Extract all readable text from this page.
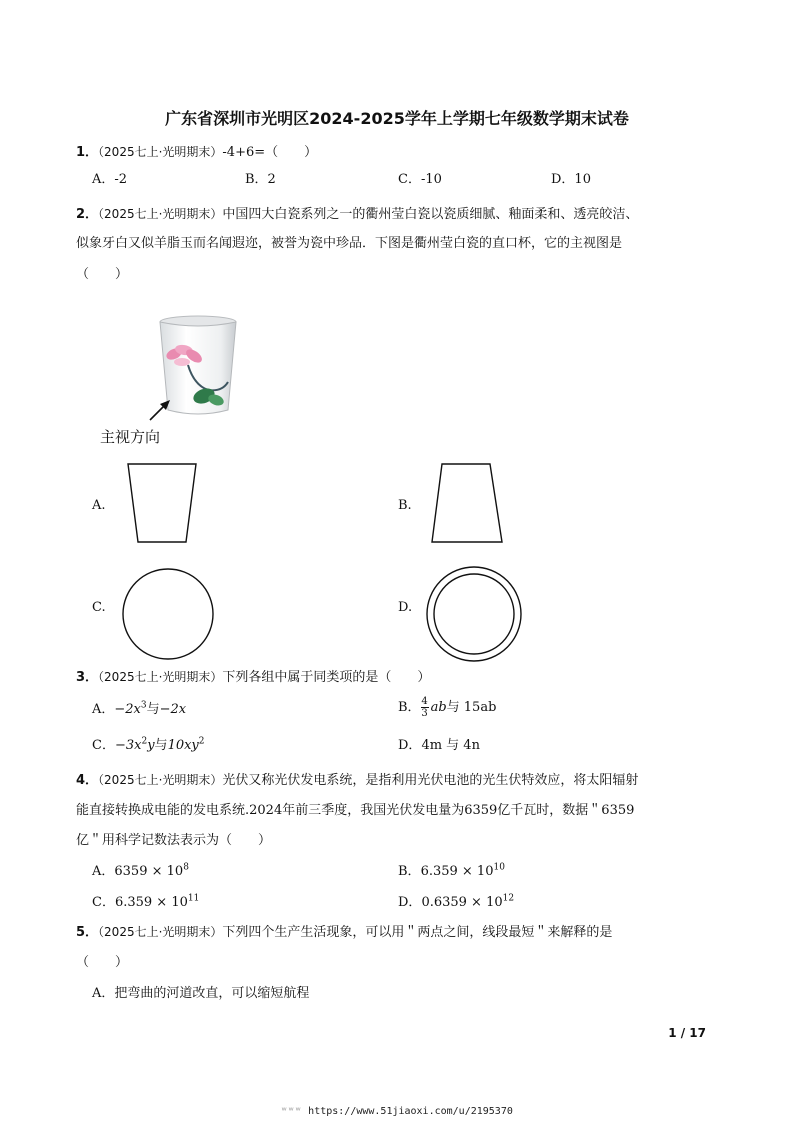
广东省深圳市光明区2024-2025学年上学期七年级数学期末试卷
1．（2025七上·光明期末）-4+6=（　　）
A．-2	B．2	C．-10	D．10
2．（2025七上·光明期末）中国四大白瓷系列之一的衢州莹白瓷以瓷质细腻、釉面柔和、透亮皎洁、
似象牙白又似羊脂玉而名闻遐迩，被誉为瓷中珍品．下图是衢州莹白瓷的直口杯，它的主视图是
（　　）
主视方向
A.	B.
C.	D.
3．（2025七上·光明期末）下列各组中属于同类项的是（　　）
A．−2𝑥$^3$与−2𝑥	B． $\frac{4}{3}$ 𝑎𝑏与 15ab
C．−3𝑥$^2$𝑦与10𝑥𝑦$^2$	D．4m 与 4n
4．（2025七上·光明期末）光伏又称光伏发电系统，是指利用光伏电池的光生伏特效应，将太阳辐射
能直接转换成电能的发电系统.2024年前三季度，我国光伏发电量为6359亿千瓦时，数据＂6359
亿＂用科学记数法表示为（　　）
A．$6359 \times 10^8$	B．$6.359 \times 10^{10}$
C．$6.359 \times 10^{11}$	D．$0.6359 \times 10^{12}$
5．（2025七上·光明期末）下列四个生产生活现象，可以用＂两点之间，线段最短＂来解释的是
（　　）
A．把弯曲的河道改直，可以缩短航程
1 / 17
ʷʷʷ https://www.51jiaoxi.com/u/2195370
